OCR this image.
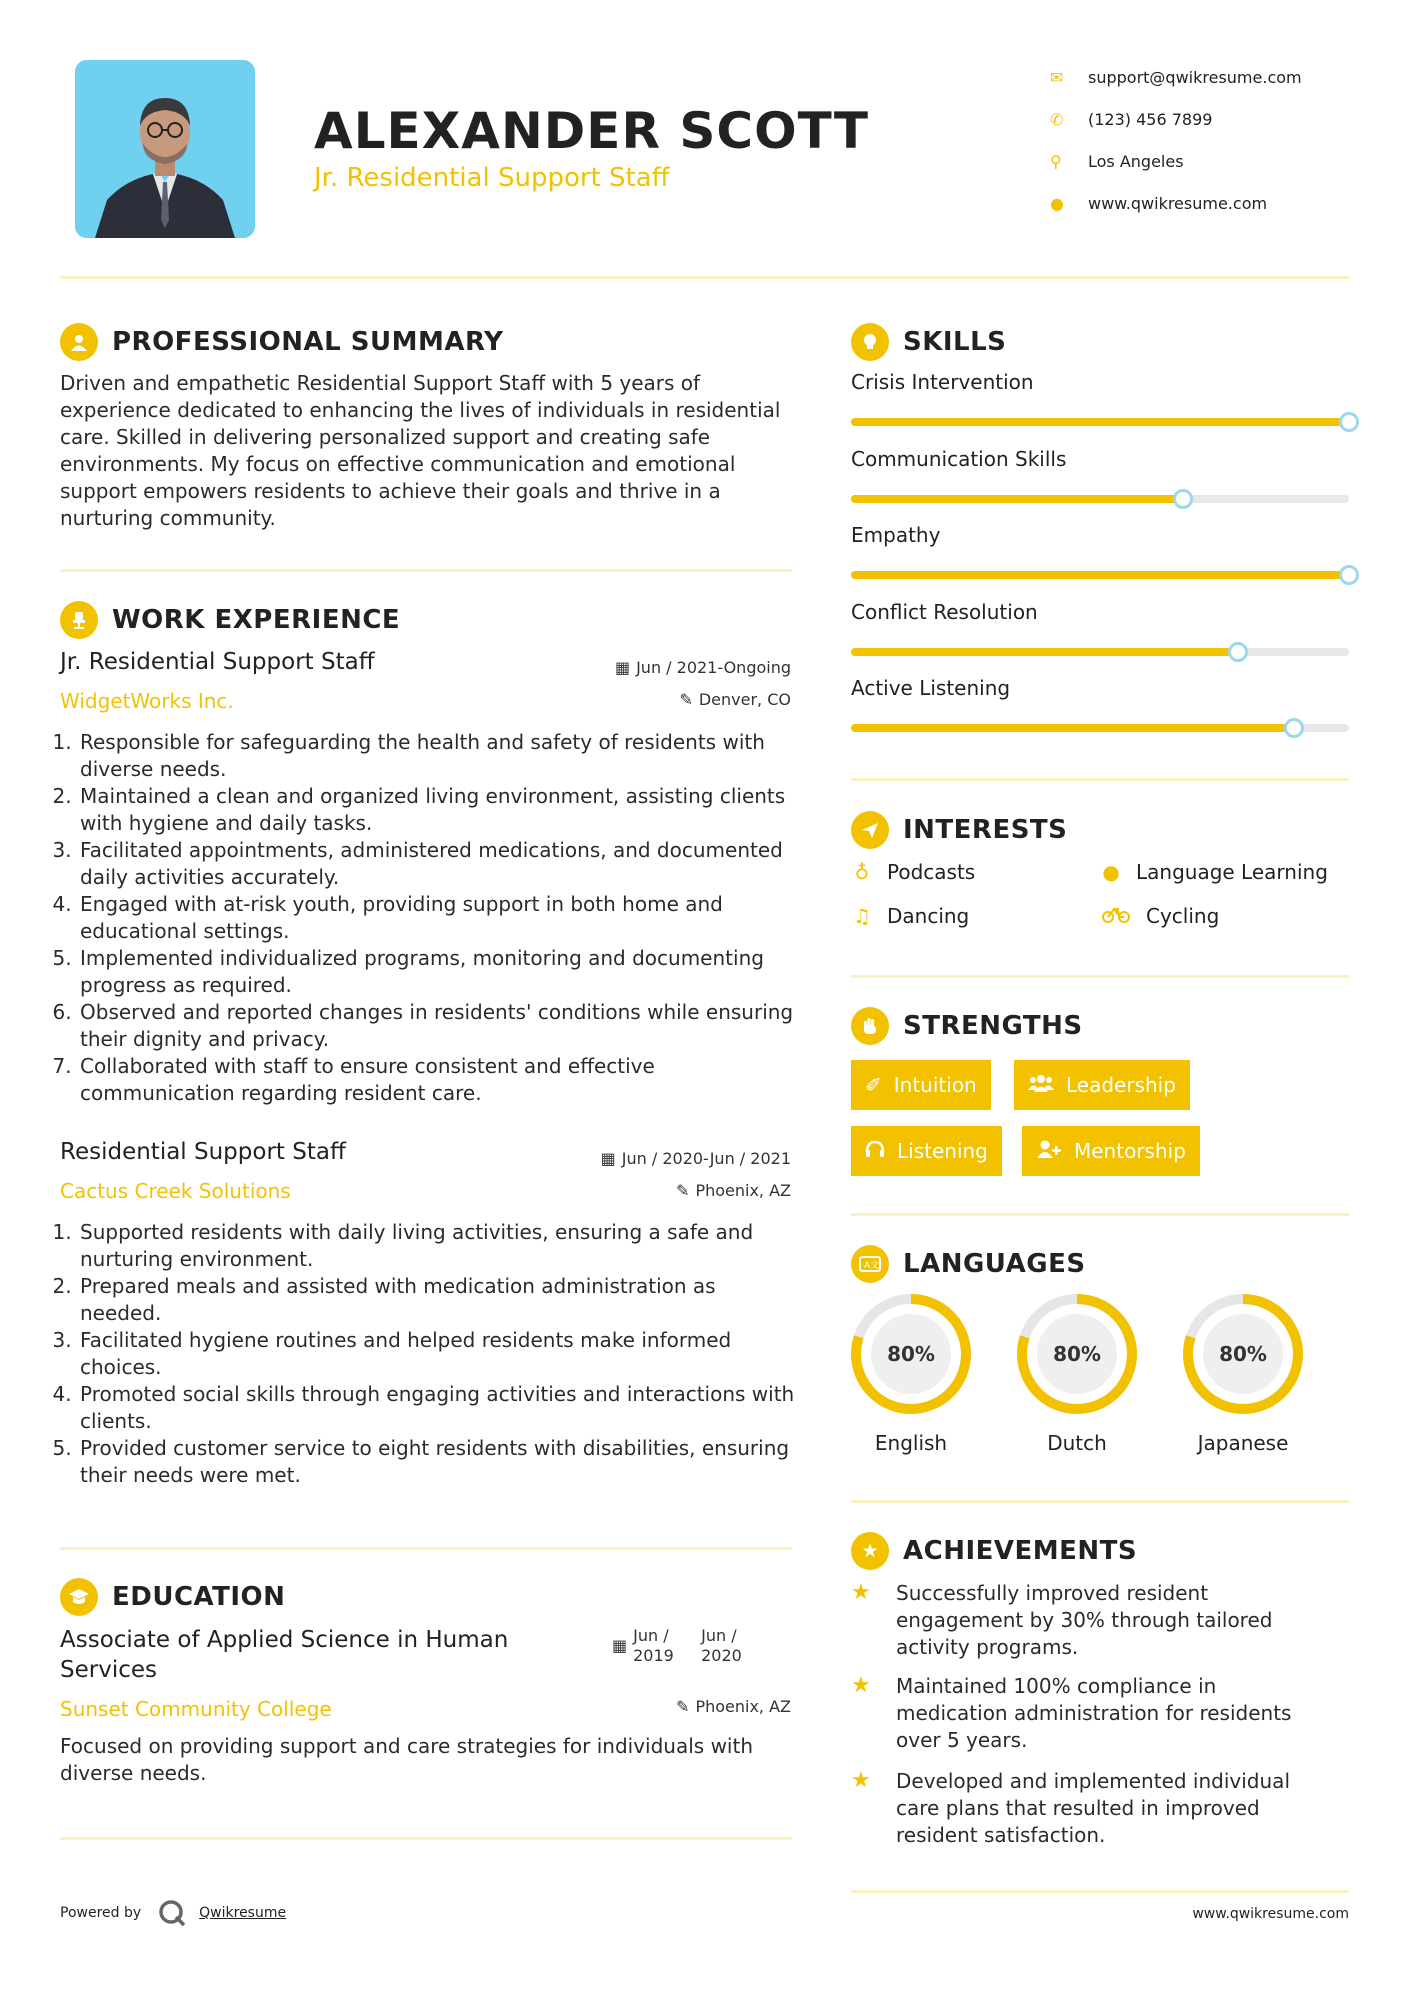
ALEXANDER SCOTT
Jr. Residential Support Staff
✉	support@qwikresume.com
✆	(123) 456 7899
⚲	Los Angeles
●	www.qwikresume.com
PROFESSIONAL SUMMARY
Driven and empathetic Residential Support Staff with 5 years of experience dedicated to enhancing the lives of individuals in residential care. Skilled in delivering personalized support and creating safe environments. My focus on effective communication and emotional support empowers residents to achieve their goals and thrive in a nurturing community.
WORK EXPERIENCE
Jr. Residential Support Staff	▦ Jun / 2021-Ongoing
WidgetWorks Inc.	✎ Denver, CO
1. Responsible for safeguarding the health and safety of residents with diverse needs.
2. Maintained a clean and organized living environment, assisting clients with hygiene and daily tasks.
3. Facilitated appointments, administered medications, and documented daily activities accurately.
4. Engaged with at-risk youth, providing support in both home and educational settings.
5. Implemented individualized programs, monitoring and documenting progress as required.
6. Observed and reported changes in residents' conditions while ensuring their dignity and privacy.
7. Collaborated with staff to ensure consistent and effective communication regarding resident care.
Residential Support Staff	▦ Jun / 2020-Jun / 2021
Cactus Creek Solutions	✎ Phoenix, AZ
1. Supported residents with daily living activities, ensuring a safe and nurturing environment.
2. Prepared meals and assisted with medication administration as needed.
3. Facilitated hygiene routines and helped residents make informed choices.
4. Promoted social skills through engaging activities and interactions with clients.
5. Provided customer service to eight residents with disabilities, ensuring their needs were met.
EDUCATION
Associate of Applied Science in Human Services
▦
Jun / 2019
Jun / 2020
Sunset Community College	✎ Phoenix, AZ
Focused on providing support and care strategies for individuals with diverse needs.
SKILLS
Crisis Intervention
Communication Skills
Empathy
Conflict Resolution
Active Listening
INTERESTS
♁ Podcasts	● Language Learning
♫ Dancing	Cycling
STRENGTHS
✐ Intuition	Leadership
Listening	Mentorship
A文 LANGUAGES
80%
English
80%
Dutch
80%
Japanese
★ ACHIEVEMENTS
★	Successfully improved resident engagement by 30% through tailored activity programs.
★	Maintained 100% compliance in medication administration for residents over 5 years.
★	Developed and implemented individual care plans that resulted in improved resident satisfaction.
Powered by	Qwikresume	www.qwikresume.com
